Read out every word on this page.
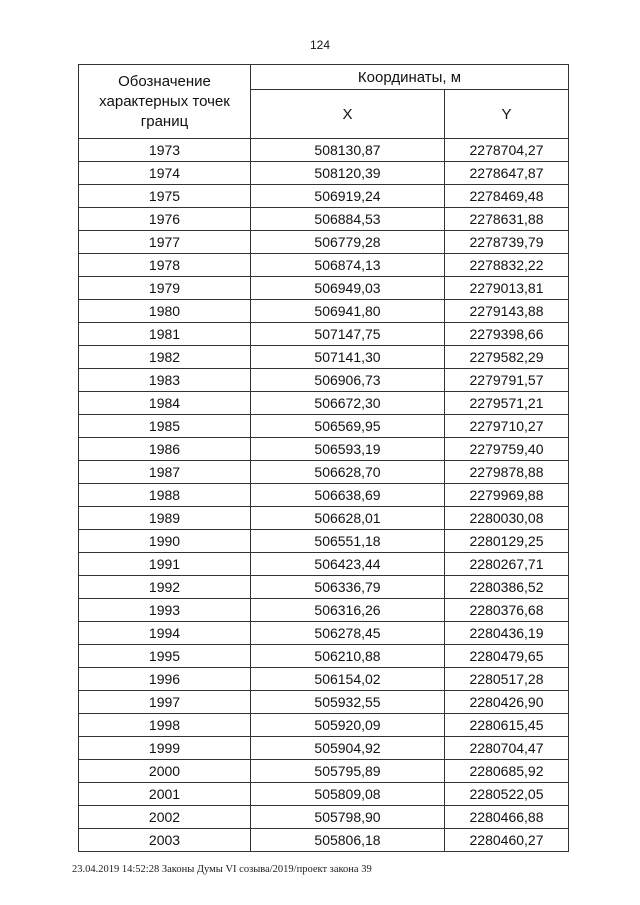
124
Обозначение характерных точек границ	Координаты, м	
	X	Y
1973	508130,87	2278704,27
1974	508120,39	2278647,87
1975	506919,24	2278469,48
1976	506884,53	2278631,88
1977	506779,28	2278739,79
1978	506874,13	2278832,22
1979	506949,03	2279013,81
1980	506941,80	2279143,88
1981	507147,75	2279398,66
1982	507141,30	2279582,29
1983	506906,73	2279791,57
1984	506672,30	2279571,21
1985	506569,95	2279710,27
1986	506593,19	2279759,40
1987	506628,70	2279878,88
1988	506638,69	2279969,88
1989	506628,01	2280030,08
1990	506551,18	2280129,25
1991	506423,44	2280267,71
1992	506336,79	2280386,52
1993	506316,26	2280376,68
1994	506278,45	2280436,19
1995	506210,88	2280479,65
1996	506154,02	2280517,28
1997	505932,55	2280426,90
1998	505920,09	2280615,45
1999	505904,92	2280704,47
2000	505795,89	2280685,92
2001	505809,08	2280522,05
2002	505798,90	2280466,88
2003	505806,18	2280460,27
23.04.2019 14:52:28 Законы Думы VI созыва/2019/проект закона 39
